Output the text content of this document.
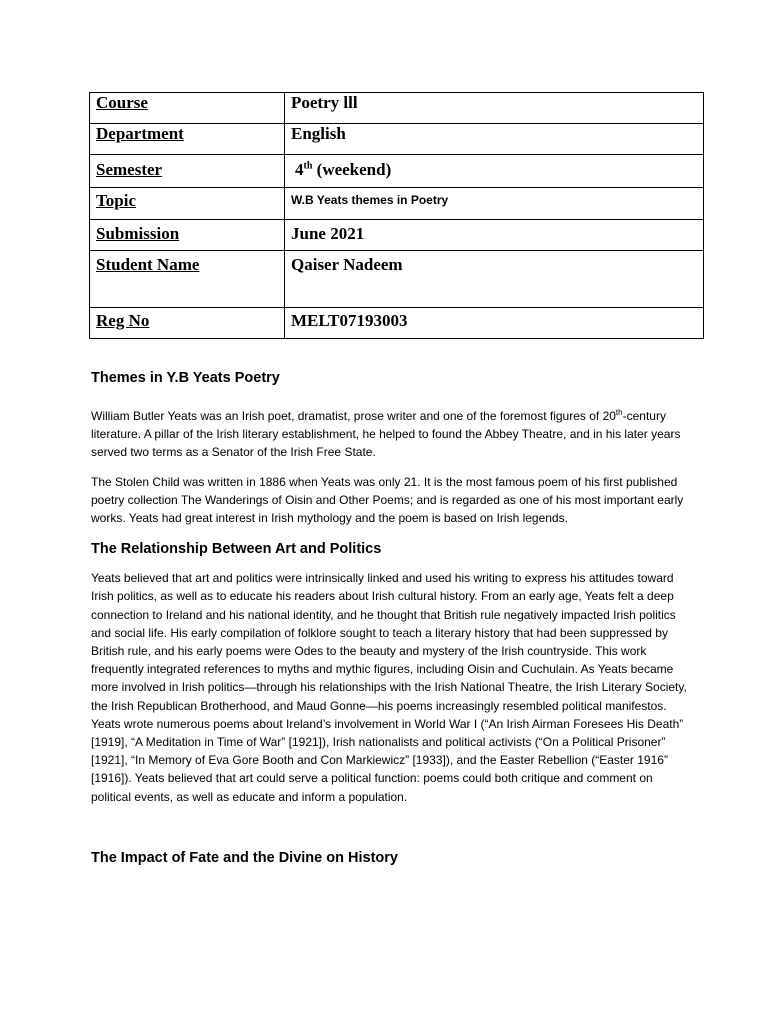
Course	Poetry lll
Department	English
Semester	4th (weekend)
Topic	W.B Yeats themes in Poetry
Submission	June 2021
Student Name	Qaiser Nadeem
Reg No	MELT07193003
Themes in Y.B Yeats Poetry

William Butler Yeats was an Irish poet, dramatist, prose writer and one of the foremost figures of 20th-century literature. A pillar of the Irish literary establishment, he helped to found the Abbey Theatre, and in his later years served two terms as a Senator of the Irish Free State.

The Stolen Child was written in 1886 when Yeats was only 21. It is the most famous poem of his first published poetry collection The Wanderings of Oisin and Other Poems; and is regarded as one of his most important early works. Yeats had great interest in Irish mythology and the poem is based on Irish legends.

The Relationship Between Art and Politics

Yeats believed that art and politics were intrinsically linked and used his writing to express his attitudes toward Irish politics, as well as to educate his readers about Irish cultural history. From an early age, Yeats felt a deep connection to Ireland and his national identity, and he thought that British rule negatively impacted Irish politics and social life. His early compilation of folklore sought to teach a literary history that had been suppressed by British rule, and his early poems were Odes to the beauty and mystery of the Irish countryside. This work frequently integrated references to myths and mythic figures, including Oisin and Cuchulain. As Yeats became more involved in Irish politics—through his relationships with the Irish National Theatre, the Irish Literary Society, the Irish Republican Brotherhood, and Maud Gonne—his poems increasingly resembled political manifestos. Yeats wrote numerous poems about Ireland’s involvement in World War I (“An Irish Airman Foresees His Death” [1919], “A Meditation in Time of War” [1921]), Irish nationalists and political activists (“On a Political Prisoner” [1921], “In Memory of Eva Gore Booth and Con Markiewicz” [1933]), and the Easter Rebellion (“Easter 1916” [1916]). Yeats believed that art could serve a political function: poems could both critique and comment on political events, as well as educate and inform a population.

The Impact of Fate and the Divine on History
